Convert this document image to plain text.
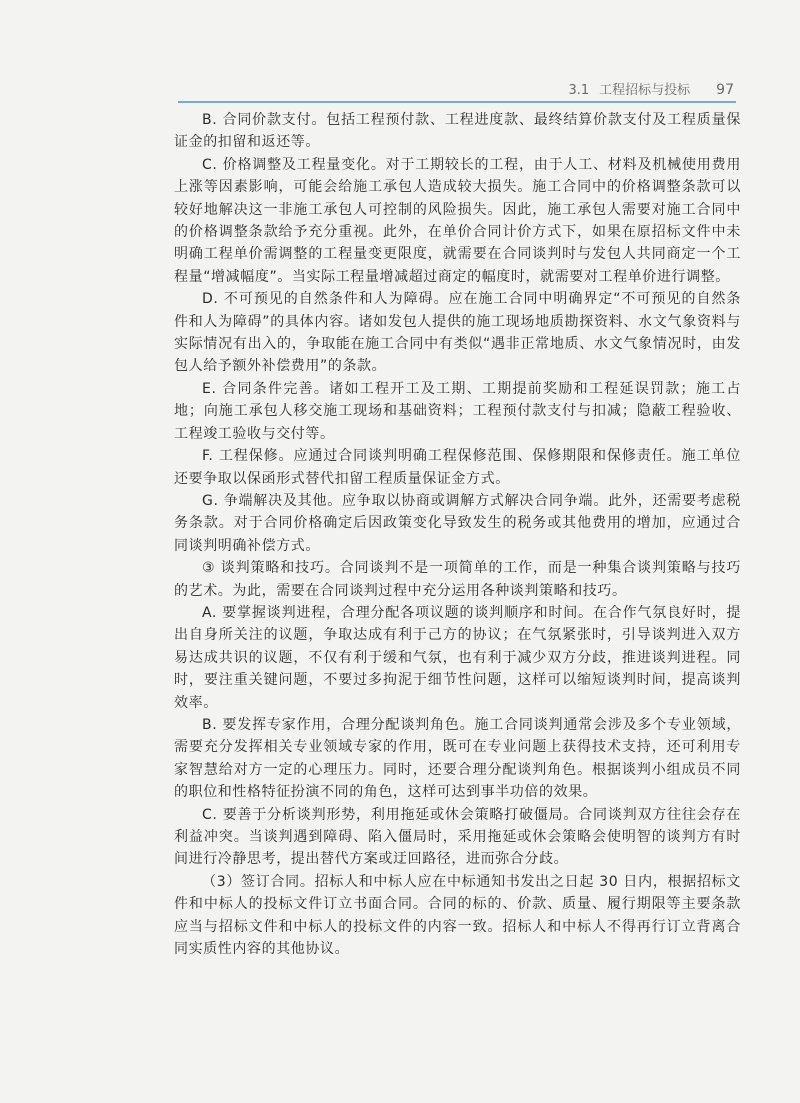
3.1 工程招标与投标 97

B. 合同价款支付。包括工程预付款、工程进度款、最终结算价款支付及工程质量保证金的扣留和返还等。

C. 价格调整及工程量变化。对于工期较长的工程，由于人工、材料及机械使用费用上涨等因素影响，可能会给施工承包人造成较大损失。施工合同中的价格调整条款可以较好地解决这一非施工承包人可控制的风险损失。因此，施工承包人需要对施工合同中的价格调整条款给予充分重视。此外，在单价合同计价方式下，如果在原招标文件中未明确工程单价需调整的工程量变更限度，就需要在合同谈判时与发包人共同商定一个工程量“增减幅度”。当实际工程量增减超过商定的幅度时，就需要对工程单价进行调整。

D. 不可预见的自然条件和人为障碍。应在施工合同中明确界定“不可预见的自然条件和人为障碍”的具体内容。诸如发包人提供的施工现场地质勘探资料、水文气象资料与实际情况有出入的，争取能在施工合同中有类似“遇非正常地质、水文气象情况时，由发包人给予额外补偿费用”的条款。

E. 合同条件完善。诸如工程开工及工期、工期提前奖励和工程延误罚款；施工占地；向施工承包人移交施工现场和基础资料；工程预付款支付与扣减；隐蔽工程验收、工程竣工验收与交付等。

F. 工程保修。应通过合同谈判明确工程保修范围、保修期限和保修责任。施工单位还要争取以保函形式替代扣留工程质量保证金方式。

G. 争端解决及其他。应争取以协商或调解方式解决合同争端。此外，还需要考虑税务条款。对于合同价格确定后因政策变化导致发生的税务或其他费用的增加，应通过合同谈判明确补偿方式。

③ 谈判策略和技巧。合同谈判不是一项简单的工作，而是一种集合谈判策略与技巧的艺术。为此，需要在合同谈判过程中充分运用各种谈判策略和技巧。

A. 要掌握谈判进程，合理分配各项议题的谈判顺序和时间。在合作气氛良好时，提出自身所关注的议题，争取达成有利于己方的协议；在气氛紧张时，引导谈判进入双方易达成共识的议题，不仅有利于缓和气氛，也有利于减少双方分歧，推进谈判进程。同时，要注重关键问题，不要过多拘泥于细节性问题，这样可以缩短谈判时间，提高谈判效率。

B. 要发挥专家作用，合理分配谈判角色。施工合同谈判通常会涉及多个专业领域，需要充分发挥相关专业领域专家的作用，既可在专业问题上获得技术支持，还可利用专家智慧给对方一定的心理压力。同时，还要合理分配谈判角色。根据谈判小组成员不同的职位和性格特征扮演不同的角色，这样可达到事半功倍的效果。

C. 要善于分析谈判形势，利用拖延或休会策略打破僵局。合同谈判双方往往会存在利益冲突。当谈判遇到障碍、陷入僵局时，采用拖延或休会策略会使明智的谈判方有时间进行冷静思考，提出替代方案或迂回路径，进而弥合分歧。

（3）签订合同。招标人和中标人应在中标通知书发出之日起 30 日内，根据招标文件和中标人的投标文件订立书面合同。合同的标的、价款、质量、履行期限等主要条款应当与招标文件和中标人的投标文件的内容一致。招标人和中标人不得再行订立背离合同实质性内容的其他协议。
